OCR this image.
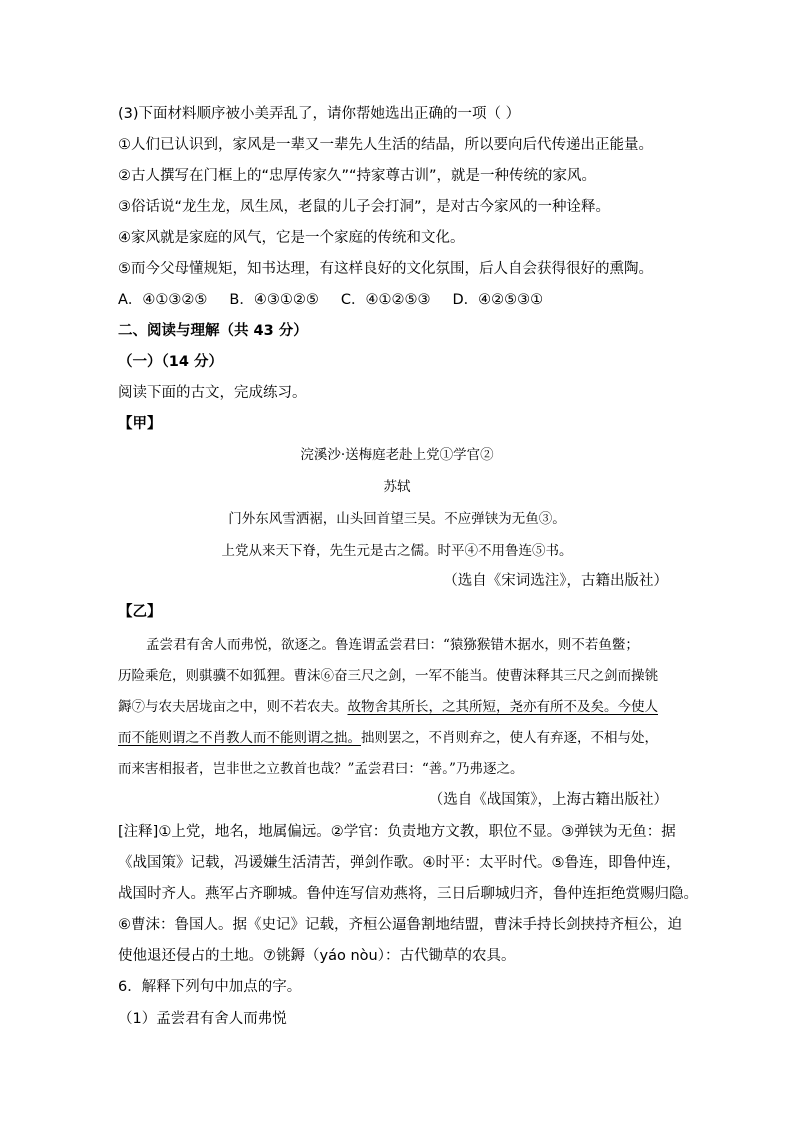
(3)下面材料顺序被小美弄乱了，请你帮她选出正确的一项（ ）
①人们已认识到，家风是一辈又一辈先人生活的结晶，所以要向后代传递出正能量。
②古人撰写在门框上的“忠厚传家久”“持家尊古训”，就是一种传统的家风。
③俗话说“龙生龙，凤生凤，老鼠的儿子会打洞”，是对古今家风的一种诠释。
④家风就是家庭的风气，它是一个家庭的传统和文化。
⑤而今父母懂规矩，知书达理，有这样良好的文化氛围，后人自会获得很好的熏陶。
A．④①③②⑤ B．④③①②⑤ C．④①②⑤③ D．④②⑤③①
二、阅读与理解（共 43 分）
（一）（14 分）
阅读下面的古文，完成练习。
【甲】
浣溪沙·送梅庭老赴上党①学官②
苏轼
门外东风雪洒裾，山头回首望三吴。不应弹铗为无鱼③。
上党从来天下脊，先生元是古之儒。时平④不用鲁连⑤书。
（选自《宋词选注》，古籍出版社）
【乙】
孟尝君有舍人而弗悦，欲逐之。鲁连谓孟尝君曰：“猿猕猴错木据水，则不若鱼鳖；
历险乘危，则骐骥不如狐狸。曹沫⑥奋三尺之剑，一军不能当。使曹沫释其三尺之剑而操铫
鎒⑦与农夫居垅亩之中，则不若农夫。故物舍其所长，之其所短，尧亦有所不及矣。今使人
而不能则谓之不肖教人而不能则谓之拙。拙则罢之，不肖则弃之，使人有弃逐，不相与处，
而来害相报者，岂非世之立教首也哉？”孟尝君曰：“善。”乃弗逐之。
（选自《战国策》，上海古籍出版社）
[注释]①上党，地名，地属偏远。②学官：负责地方文教，职位不显。③弹铗为无鱼：据
《战国策》记载，冯谖嫌生活清苦，弹剑作歌。④时平：太平时代。⑤鲁连，即鲁仲连，
战国时齐人。燕军占齐聊城。鲁仲连写信劝燕将，三日后聊城归齐，鲁仲连拒绝赏赐归隐。
⑥曹沫：鲁国人。据《史记》记载，齐桓公逼鲁割地结盟，曹沫手持长剑挟持齐桓公，迫
使他退还侵占的土地。⑦铫鎒（yáo nòu）：古代锄草的农具。
6．解释下列句中加点的字。
（1）孟尝君有舍人而弗悦
